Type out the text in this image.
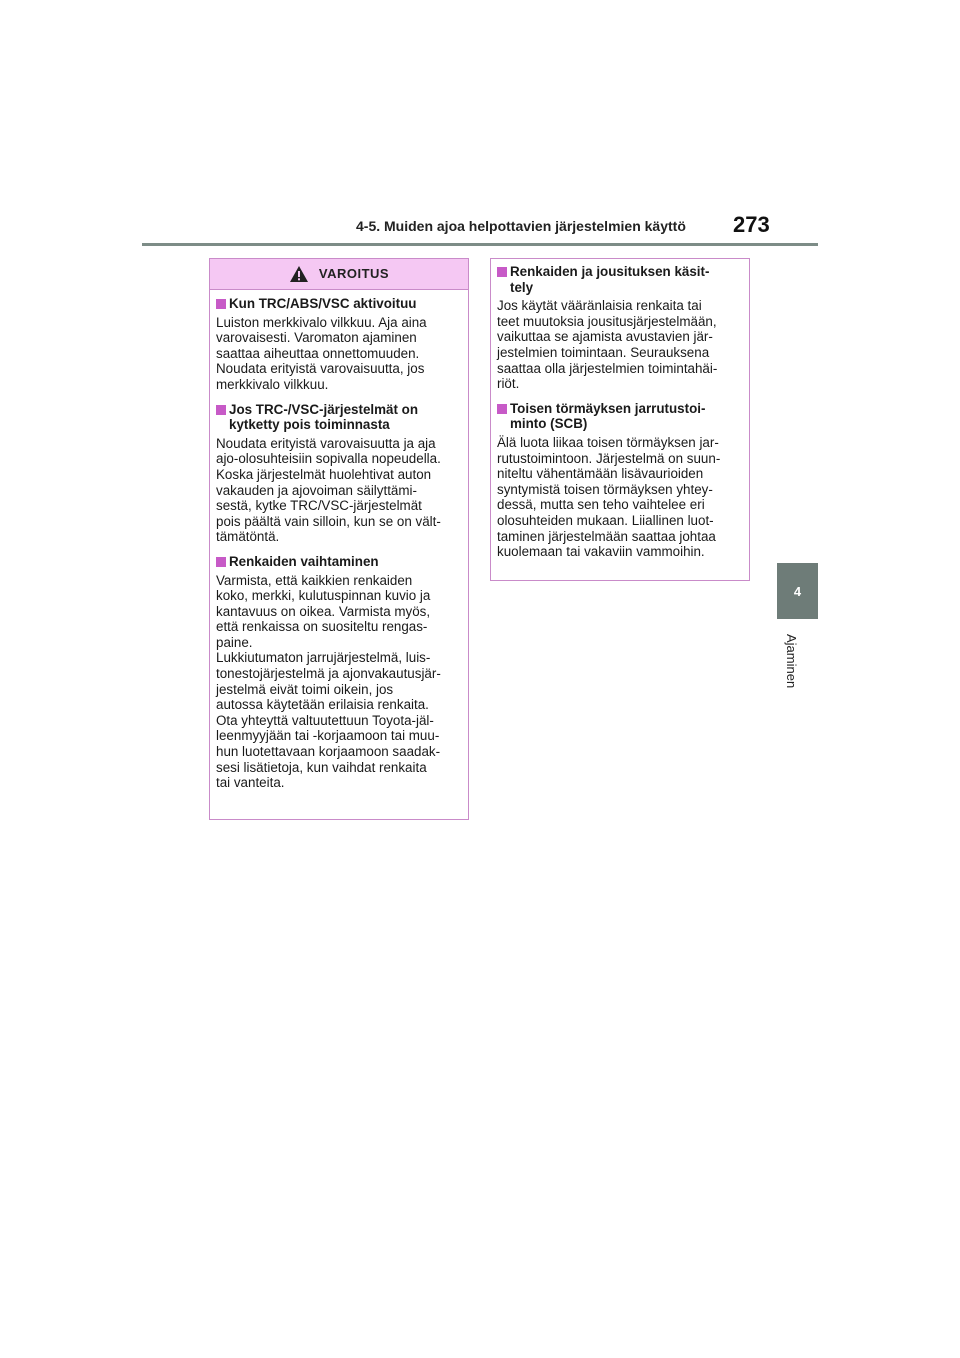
4-5. Muiden ajoa helpottavien järjestelmien käyttö 273
4
Ajaminen
VAROITUS
Kun TRC/ABS/VSC aktivoituu
Luiston merkkivalo vilkkuu. Aja aina
varovaisesti. Varomaton ajaminen
saattaa aiheuttaa onnettomuuden.
Noudata erityistä varovaisuutta, jos
merkkivalo vilkkuu.
Jos TRC-/VSC-järjestelmät on
kytketty pois toiminnasta
Noudata erityistä varovaisuutta ja aja
ajo-olosuhteisiin sopivalla nopeudella.
Koska järjestelmät huolehtivat auton
vakauden ja ajovoiman säilyttämi-
sestä, kytke TRC/VSC-järjestelmät
pois päältä vain silloin, kun se on vält-
tämätöntä.
Renkaiden vaihtaminen
Varmista, että kaikkien renkaiden
koko, merkki, kulutuspinnan kuvio ja
kantavuus on oikea. Varmista myös,
että renkaissa on suositeltu rengas-
paine.
Lukkiutumaton jarrujärjestelmä, luis-
tonestojärjestelmä ja ajonvakautusjär-
jestelmä eivät toimi oikein, jos
autossa käytetään erilaisia renkaita.
Ota yhteyttä valtuutettuun Toyota-jäl-
leenmyyjään tai -korjaamoon tai muu-
hun luotettavaan korjaamoon saadak-
sesi lisätietoja, kun vaihdat renkaita
tai vanteita.
Renkaiden ja jousituksen käsit-
tely
Jos käytät vääränlaisia renkaita tai
teet muutoksia jousitusjärjestelmään,
vaikuttaa se ajamista avustavien jär-
jestelmien toimintaan. Seurauksena
saattaa olla järjestelmien toimintahäi-
riöt.
Toisen törmäyksen jarrutustoi-
minto (SCB)
Älä luota liikaa toisen törmäyksen jar-
rutustoimintoon. Järjestelmä on suun-
niteltu vähentämään lisävaurioiden
syntymistä toisen törmäyksen yhtey-
dessä, mutta sen teho vaihtelee eri
olosuhteiden mukaan. Liiallinen luot-
taminen järjestelmään saattaa johtaa
kuolemaan tai vakaviin vammoihin.
